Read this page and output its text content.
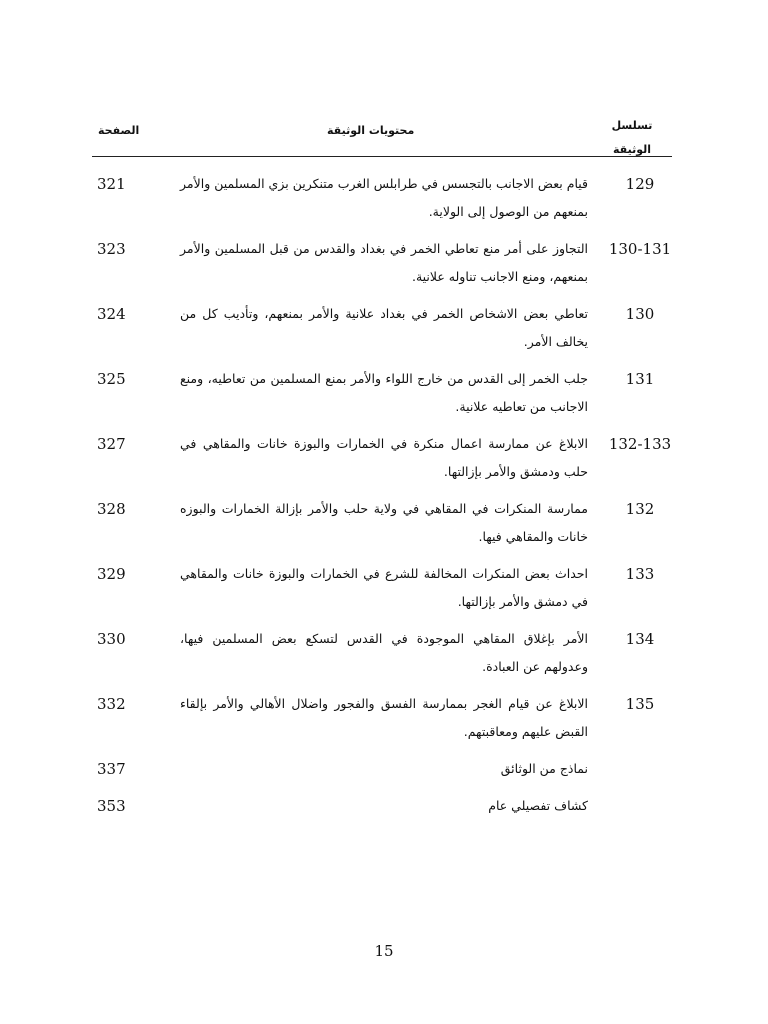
تسلسل الوثيقة
محتويات الوثيقة
الصفحة
129
قيام بعض الاجانب بالتجسس في طرابلس الغرب متنكرين بزي المسلمين والأمر بمنعهم من الوصول إلى الولاية.
321
130-131
التجاوز على أمر منع تعاطي الخمر في بغداد والقدس من قبل المسلمين والأمر بمنعهم، ومنع الاجانب تناوله علانية.
323
130
تعاطي بعض الاشخاص الخمر في بغداد علانية والأمر بمنعهم، وتأديب كل من يخالف الأمر.
324
131
جلب الخمر إلى القدس من خارج اللواء والأمر بمنع المسلمين من تعاطيه، ومنع الاجانب من تعاطيه علانية.
325
132-133
الابلاغ عن ممارسة اعمال منكرة في الخمارات والبوزة خانات والمقاهي في حلب ودمشق والأمر بإزالتها.
327
132
ممارسة المنكرات في المقاهي في ولاية حلب والأمر بإزالة الخمارات والبوزه خانات والمقاهي فيها.
328
133
احداث بعض المنكرات المخالفة للشرع في الخمارات والبوزة خانات والمقاهي في دمشق والأمر بإزالتها.
329
134
الأمر بإغلاق المقاهي الموجودة في القدس لتسكع بعض المسلمين فيها، وعدولهم عن العبادة.
330
135
الابلاغ عن قيام الغجر بممارسة الفسق والفجور واضلال الأهالي والأمر بإلقاء القبض عليهم ومعاقبتهم.
332
نماذج من الوثائق
337
كشاف تفصيلي عام
353
15
